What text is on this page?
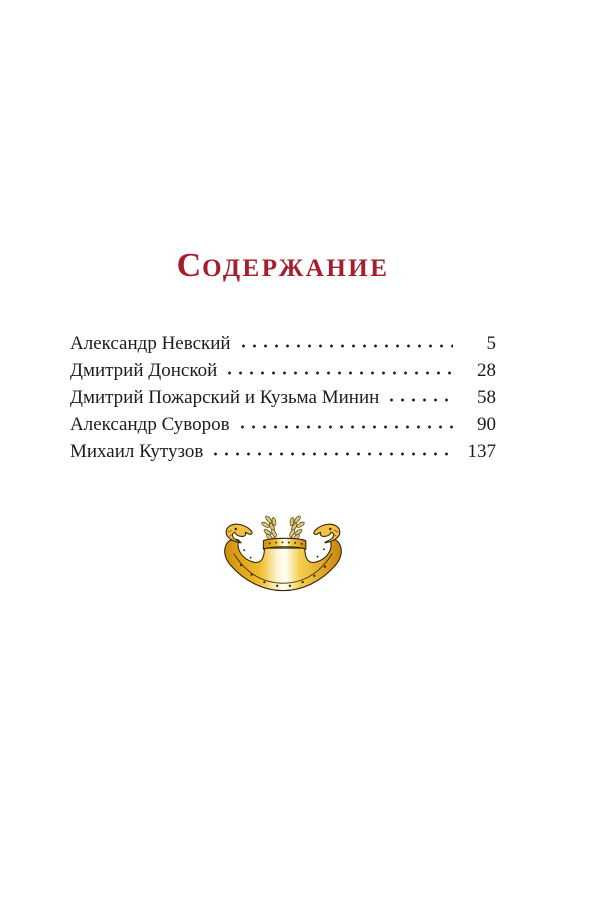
СОДЕРЖАНИЕ
Александр Невский	5
Дмитрий Донской	28
Дмитрий Пожарский и Кузьма Минин	58
Александр Суворов	90
Михаил Кутузов	137
